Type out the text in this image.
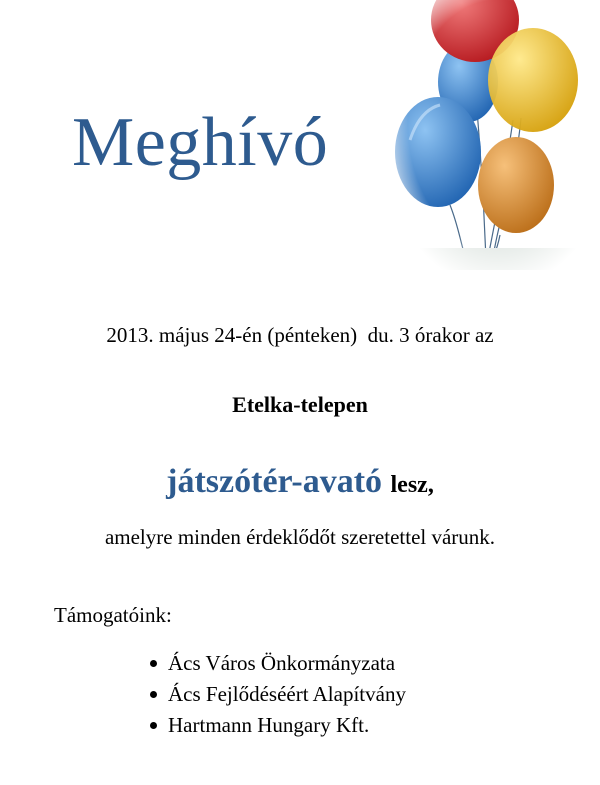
Meghívó

2013. május 24-én (pénteken)  du. 3 órakor az

Etelka-telepen

játszótér-avató lesz,

amelyre minden érdeklődőt szeretettel várunk.

Támogatóink:

Ács Város Önkormányzata
Ács Fejlődéséért Alapítvány
Hartmann Hungary Kft.
